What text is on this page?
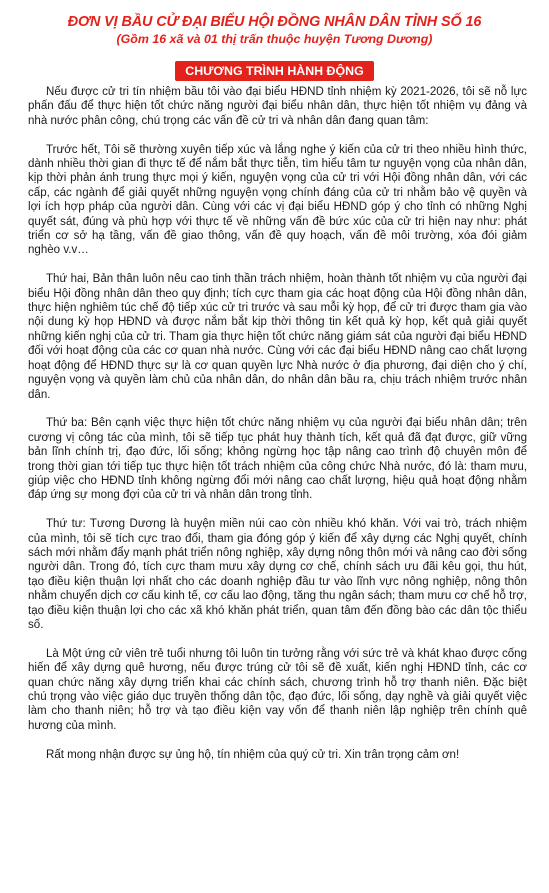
ĐƠN VỊ BẦU CỬ ĐẠI BIỂU HỘI ĐỒNG NHÂN DÂN TỈNH SỐ 16
(Gồm 16 xã và 01 thị trấn thuộc huyện Tương Dương)
CHƯƠNG TRÌNH HÀNH ĐỘNG

Nếu được cử tri tín nhiệm bầu tôi vào đại biểu HĐND tỉnh nhiệm kỳ 2021-2026, tôi sẽ nỗ lực phấn đấu để thực hiện tốt chức năng người đại biểu nhân dân, thực hiện tốt nhiệm vụ đảng và nhà nước phân công, chú trọng các vấn đề cử tri và nhân dân đang quan tâm:

Trước hết, Tôi sẽ thường xuyên tiếp xúc và lắng nghe ý kiến của cử tri theo nhiều hình thức, dành nhiều thời gian đi thực tế để nắm bắt thực tiễn, tìm hiểu tâm tư nguyện vọng của nhân dân, kịp thời phản ánh trung thực mọi ý kiến, nguyện vọng của cử tri với Hội đồng nhân dân, với các cấp, các ngành để giải quyết những nguyện vọng chính đáng của cử tri nhằm bảo vệ quyền và lợi ích hợp pháp của người dân. Cùng với các vị đại biểu HĐND góp ý cho tỉnh có những Nghị quyết sát, đúng và phù hợp với thực tế về những vấn đề bức xúc của cử tri hiện nay như: phát triển cơ sở hạ tầng, vấn đề giao thông, vấn đề quy hoạch, vấn đề môi trường, xóa đói giảm nghèo v.v…

Thứ hai, Bản thân luôn nêu cao tinh thần trách nhiệm, hoàn thành tốt nhiệm vụ của người đại biểu Hội đồng nhân dân theo quy định; tích cực tham gia các hoạt động của Hội đồng nhân dân, thực hiện nghiêm túc chế độ tiếp xúc cử tri trước và sau mỗi kỳ họp, để cử tri được tham gia vào nội dung kỳ họp HĐND và được nắm bắt kịp thời thông tin kết quả kỳ họp, kết quả giải quyết những kiến nghị của cử tri. Tham gia thực hiện tốt chức năng giám sát của người đại biểu HĐND đối với hoạt động của các cơ quan nhà nước. Cùng với các đại biểu HĐND nâng cao chất lượng hoạt động để HĐND thực sự là cơ quan quyền lực Nhà nước ở địa phương, đại diện cho ý chí, nguyện vọng và quyền làm chủ của nhân dân, do nhân dân bầu ra, chịu trách nhiệm trước nhân dân.

Thứ ba: Bên cạnh việc thực hiện tốt chức năng nhiệm vụ của người đại biểu nhân dân; trên cương vị công tác của mình, tôi sẽ tiếp tục phát huy thành tích, kết quả đã đạt được, giữ vững bản lĩnh chính trị, đạo đức, lối sống; không ngừng học tập nâng cao trình độ chuyên môn để trong thời gian tới tiếp tục thực hiện tốt trách nhiệm của công chức Nhà nước, đó là: tham mưu, giúp việc cho HĐND tỉnh không ngừng đổi mới nâng cao chất lượng, hiệu quả hoạt động nhằm đáp ứng sự mong đợi của cử tri và nhân dân trong tỉnh.

Thứ tư: Tương Dương là huyện miền núi cao còn nhiều khó khăn. Với vai trò, trách nhiệm của mình, tôi sẽ tích cực trao đổi, tham gia đóng góp ý kiến để xây dựng các Nghị quyết, chính sách mới nhằm đẩy mạnh phát triển nông nghiệp, xây dựng nông thôn mới và nâng cao đời sống người dân. Trong đó, tích cực tham mưu xây dựng cơ chế, chính sách ưu đãi kêu gọi, thu hút, tạo điều kiện thuận lợi nhất cho các doanh nghiệp đầu tư vào lĩnh vực nông nghiệp, nông thôn nhằm chuyển dịch cơ cấu kinh tế, cơ cấu lao động, tăng thu ngân sách; tham mưu cơ chế hỗ trợ, tạo điều kiện thuận lợi cho các xã khó khăn phát triển, quan tâm đến đồng bào các dân tộc thiểu số.

Là Một ứng cử viên trẻ tuổi nhưng tôi luôn tin tưởng rằng với sức trẻ và khát khao được cống hiến để xây dựng quê hương, nếu được trúng cử tôi sẽ đề xuất, kiến nghị HĐND tỉnh, các cơ quan chức năng xây dựng triển khai các chính sách, chương trình hỗ trợ thanh niên. Đặc biệt chú trọng vào việc giáo dục truyền thống dân tộc, đạo đức, lối sống, dạy nghề và giải quyết việc làm cho thanh niên; hỗ trợ và tạo điều kiện vay vốn để thanh niên lập nghiệp trên chính quê hương của mình.

Rất mong nhận được sự ủng hộ, tín nhiệm của quý cử tri. Xin trân trọng cảm ơn!
